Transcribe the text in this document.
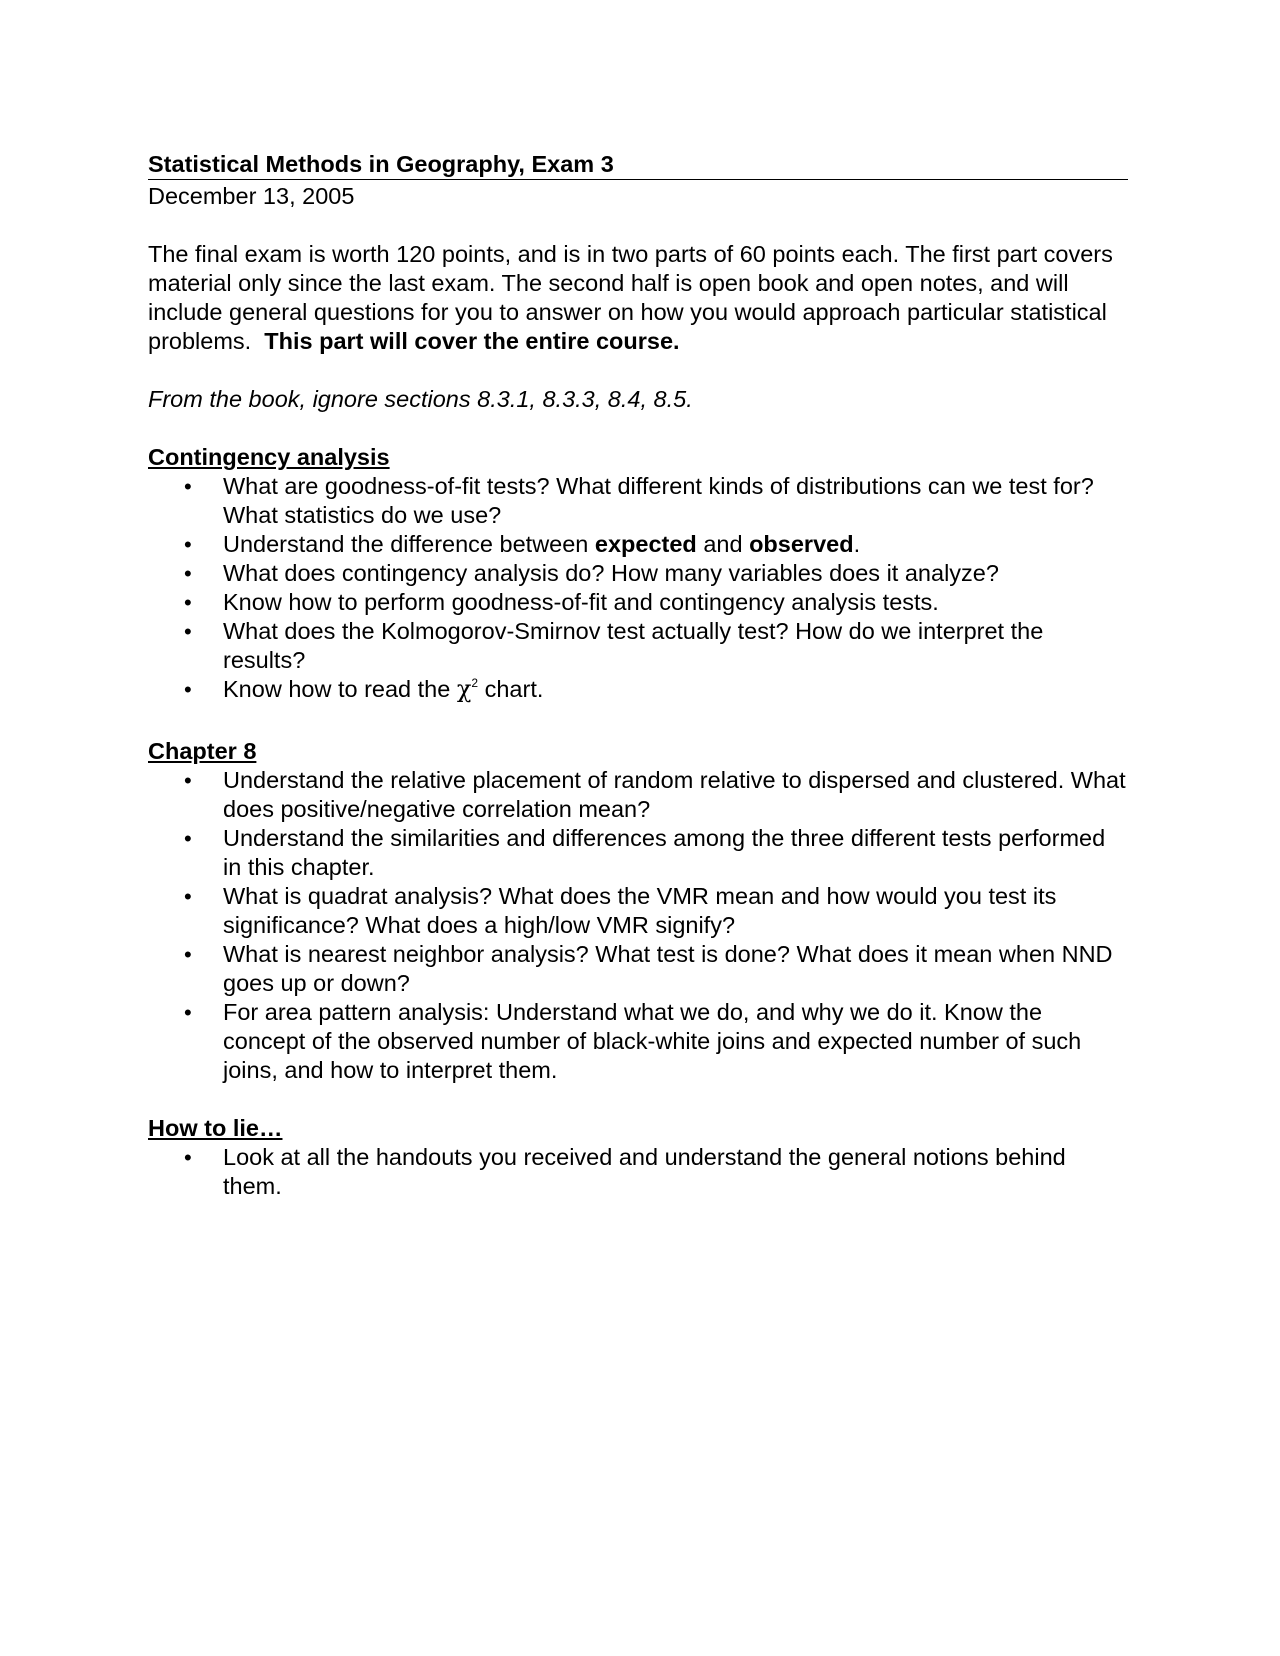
Statistical Methods in Geography, Exam 3
December 13, 2005

The final exam is worth 120 points, and is in two parts of 60 points each. The first part covers material only since the last exam. The second half is open book and open notes, and will include general questions for you to answer on how you would approach particular statistical problems. This part will cover the entire course.

From the book, ignore sections 8.3.1, 8.3.3, 8.4, 8.5.

Contingency analysis
• What are goodness-of-fit tests? What different kinds of distributions can we test for? What statistics do we use?
• Understand the difference between expected and observed.
• What does contingency analysis do? How many variables does it analyze?
• Know how to perform goodness-of-fit and contingency analysis tests.
• What does the Kolmogorov-Smirnov test actually test? How do we interpret the results?
• Know how to read the $\chi^2$ chart.
Chapter 8
• Understand the relative placement of random relative to dispersed and clustered. What does positive/negative correlation mean?
• Understand the similarities and differences among the three different tests performed in this chapter.
• What is quadrat analysis? What does the VMR mean and how would you test its significance? What does a high/low VMR signify?
• What is nearest neighbor analysis? What test is done? What does it mean when NND goes up or down?
• For area pattern analysis: Understand what we do, and why we do it. Know the concept of the observed number of black-white joins and expected number of such joins, and how to interpret them.
How to lie…
• Look at all the handouts you received and understand the general notions behind them.
